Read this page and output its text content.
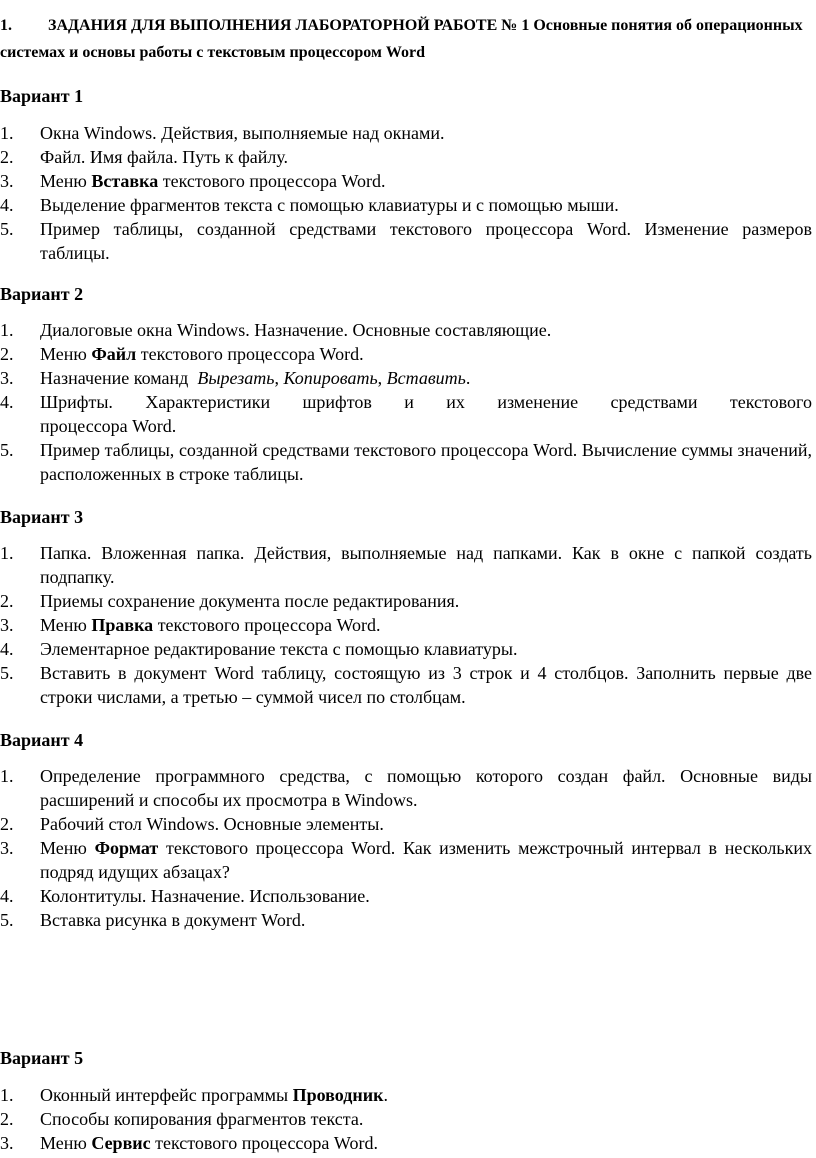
1. ЗАДАНИЯ ДЛЯ ВЫПОЛНЕНИЯ ЛАБОРАТОРНОЙ РАБОТЕ № 1 Основные понятия об операционных системах и основы работы с текстовым процессором Word
Вариант 1
1. Окна Windows. Действия, выполняемые над окнами.
2. Файл. Имя файла. Путь к файлу.
3. Меню Вставка текстового процессора Word.
4. Выделение фрагментов текста с помощью клавиатуры и с помощью мыши.
5. Пример таблицы, созданной средствами текстового процессора Word. Изменение размеров таблицы.
Вариант 2
1. Диалоговые окна Windows. Назначение. Основные составляющие.
2. Меню Файл текстового процессора Word.
3. Назначение команд  Вырезать, Копировать, Вставить.
4. Шрифты. Характеристики шрифтов и их изменение средствами текстового
процессора Word.
5. Пример таблицы, созданной средствами текстового процессора Word. Вычисление суммы значений, расположенных в строке таблицы.
Вариант 3
1. Папка. Вложенная папка. Действия, выполняемые над папками. Как в окне с папкой создать подпапку.
2. Приемы сохранение документа после редактирования.
3. Меню Правка текстового процессора Word.
4. Элементарное редактирование текста с помощью клавиатуры.
5. Вставить в документ Word таблицу, состоящую из 3 строк и 4 столбцов. Заполнить первые две строки числами, а третью – суммой чисел по столбцам.
Вариант 4
1. Определение программного средства, с помощью которого создан файл. Основные виды расширений и способы их просмотра в Windows.
2. Рабочий стол Windows. Основные элементы.
3. Меню Формат текстового процессора Word. Как изменить межстрочный интервал в нескольких подряд идущих абзацах?
4. Колонтитулы. Назначение. Использование.
5. Вставка рисунка в документ Word.
Вариант 5
1. Оконный интерфейс программы Проводник.
2. Способы копирования фрагментов текста.
3. Меню Сервис текстового процессора Word.
